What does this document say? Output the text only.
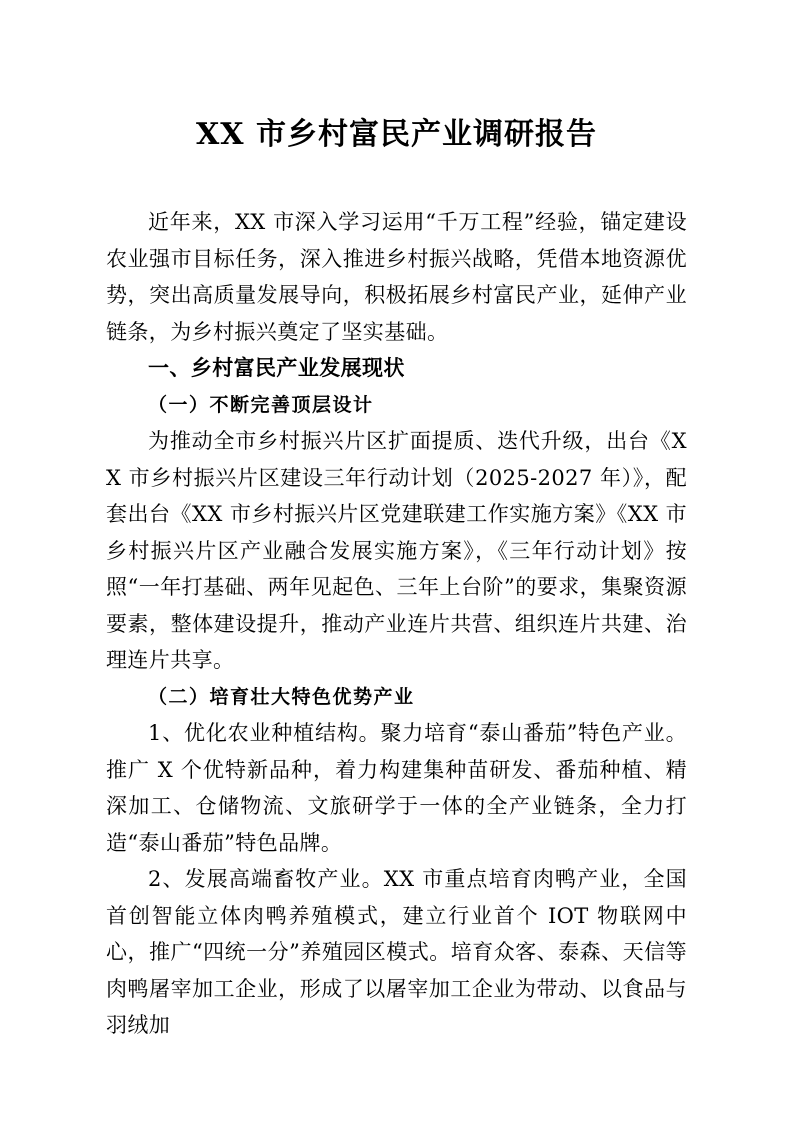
XX 市乡村富民产业调研报告

近年来，XX 市深入学习运用“千万工程”经验，锚定建设农业强市目标任务，深入推进乡村振兴战略，凭借本地资源优势，突出高质量发展导向，积极拓展乡村富民产业，延伸产业链条，为乡村振兴奠定了坚实基础。

一、乡村富民产业发展现状

（一）不断完善顶层设计

为推动全市乡村振兴片区扩面提质、迭代升级，出台《XX 市乡村振兴片区建设三年行动计划（2025-2027 年）》，配套出台《XX 市乡村振兴片区党建联建工作实施方案》《XX 市乡村振兴片区产业融合发展实施方案》，《三年行动计划》按照“一年打基础、两年见起色、三年上台阶”的要求，集聚资源要素，整体建设提升，推动产业连片共营、组织连片共建、治理连片共享。

（二）培育壮大特色优势产业

1、优化农业种植结构。聚力培育“泰山番茄”特色产业。推广 X 个优特新品种，着力构建集种苗研发、番茄种植、精深加工、仓储物流、文旅研学于一体的全产业链条，全力打造“泰山番茄”特色品牌。

2、发展高端畜牧产业。XX 市重点培育肉鸭产业，全国首创智能立体肉鸭养殖模式，建立行业首个 IOT 物联网中心，推广“四统一分”养殖园区模式。培育众客、泰森、天信等肉鸭屠宰加工企业，形成了以屠宰加工企业为带动、以食品与羽绒加
